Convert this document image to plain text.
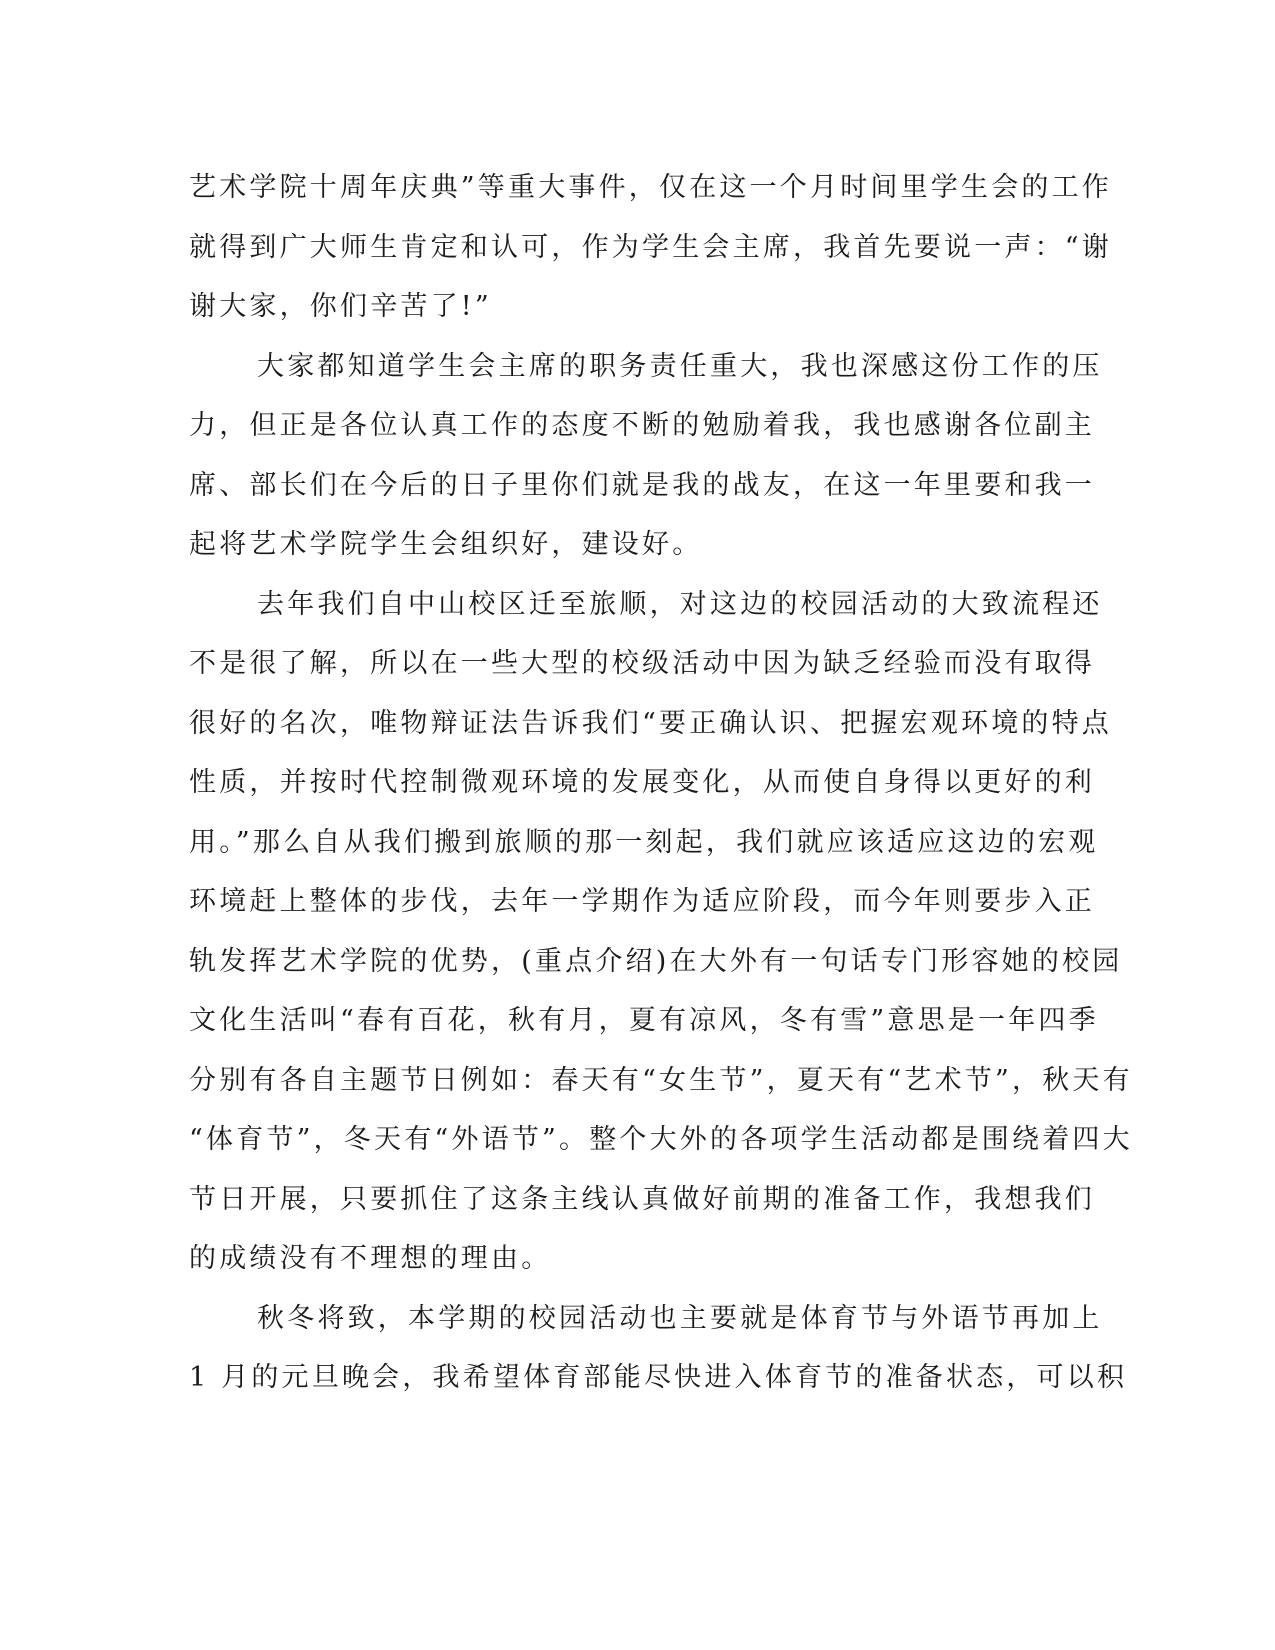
艺术学院十周年庆典”等重大事件，仅在这一个月时间里学生会的工作
就得到广大师生肯定和认可，作为学生会主席，我首先要说一声：“谢
谢大家，你们辛苦了!”
大家都知道学生会主席的职务责任重大，我也深感这份工作的压
力，但正是各位认真工作的态度不断的勉励着我，我也感谢各位副主
席、部长们在今后的日子里你们就是我的战友，在这一年里要和我一
起将艺术学院学生会组织好，建设好。
去年我们自中山校区迁至旅顺，对这边的校园活动的大致流程还
不是很了解，所以在一些大型的校级活动中因为缺乏经验而没有取得
很好的名次，唯物辩证法告诉我们“要正确认识、把握宏观环境的特点
性质，并按时代控制微观环境的发展变化，从而使自身得以更好的利
用。”那么自从我们搬到旅顺的那一刻起，我们就应该适应这边的宏观
环境赶上整体的步伐，去年一学期作为适应阶段，而今年则要步入正
轨发挥艺术学院的优势，(重点介绍)在大外有一句话专门形容她的校园
文化生活叫“春有百花，秋有月，夏有凉风，冬有雪”意思是一年四季
分别有各自主题节日例如：春天有“女生节”，夏天有“艺术节”，秋天有
“体育节”，冬天有“外语节”。整个大外的各项学生活动都是围绕着四大
节日开展，只要抓住了这条主线认真做好前期的准备工作，我想我们
的成绩没有不理想的理由。
秋冬将致，本学期的校园活动也主要就是体育节与外语节再加上
1 月的元旦晚会，我希望体育部能尽快进入体育节的准备状态，可以积
